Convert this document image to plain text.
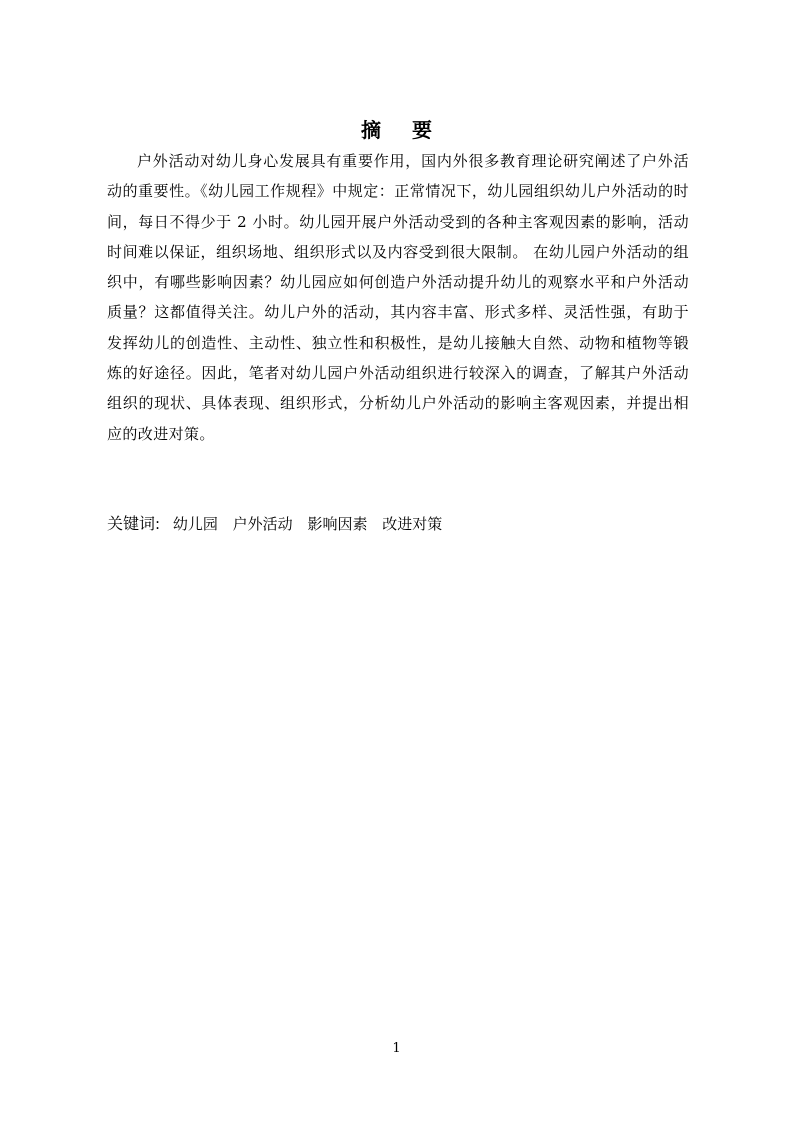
摘 要

户外活动对幼儿身心发展具有重要作用，国内外很多教育理论研究阐述了户外活动的重要性。《幼儿园工作规程》中规定：正常情况下，幼儿园组织幼儿户外活动的时间，每日不得少于 2 小时。幼儿园开展户外活动受到的各种主客观因素的影响，活动时间难以保证，组织场地、组织形式以及内容受到很大限制。 在幼儿园户外活动的组织中，有哪些影响因素？幼儿园应如何创造户外活动提升幼儿的观察水平和户外活动质量？这都值得关注。幼儿户外的活动，其内容丰富、形式多样、灵活性强，有助于发挥幼儿的创造性、主动性、独立性和积极性，是幼儿接触大自然、动物和植物等锻炼的好途径。因此，笔者对幼儿园户外活动组织进行较深入的调查，了解其户外活动组织的现状、具体表现、组织形式，分析幼儿户外活动的影响主客观因素，并提出相应的改进对策。

关键词: 幼儿园 户外活动 影响因素 改进对策
1
